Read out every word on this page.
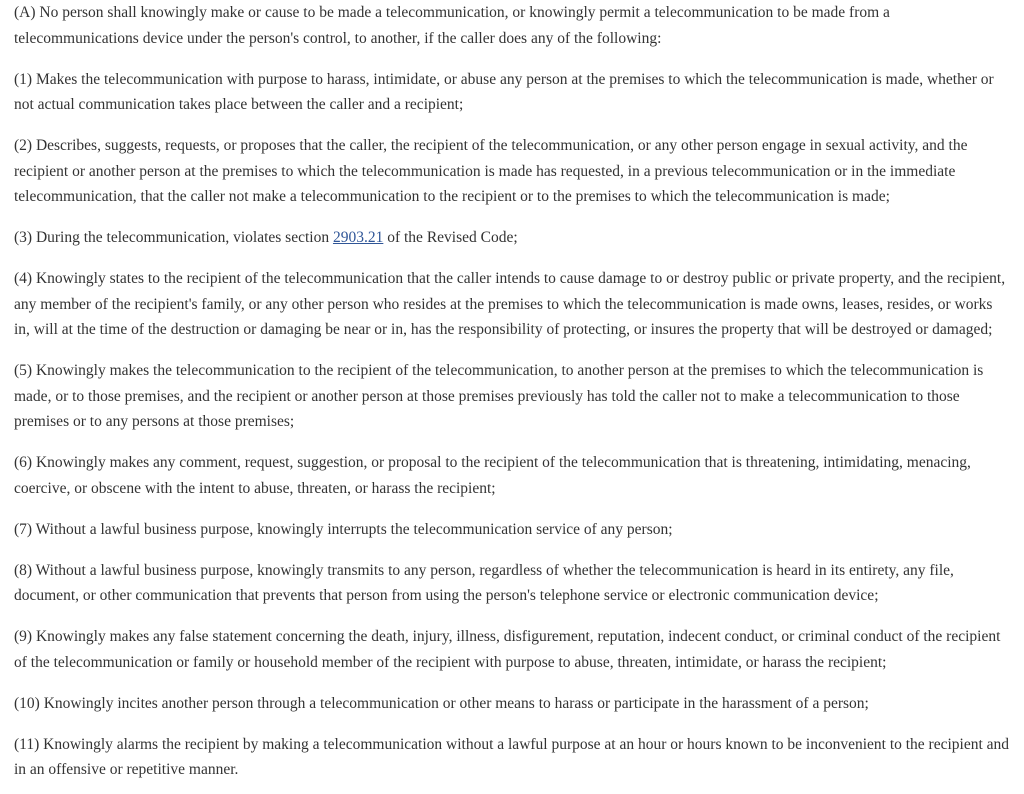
(A) No person shall knowingly make or cause to be made a telecommunication, or knowingly permit a telecommunication to be made from a telecommunications device under the person's control, to another, if the caller does any of the following:

(1) Makes the telecommunication with purpose to harass, intimidate, or abuse any person at the premises to which the telecommunication is made, whether or not actual communication takes place between the caller and a recipient;

(2) Describes, suggests, requests, or proposes that the caller, the recipient of the telecommunication, or any other person engage in sexual activity, and the recipient or another person at the premises to which the telecommunication is made has requested, in a previous telecommunication or in the immediate telecommunication, that the caller not make a telecommunication to the recipient or to the premises to which the telecommunication is made;

(3) During the telecommunication, violates section 2903.21 of the Revised Code;

(4) Knowingly states to the recipient of the telecommunication that the caller intends to cause damage to or destroy public or private property, and the recipient, any member of the recipient's family, or any other person who resides at the premises to which the telecommunication is made owns, leases, resides, or works in, will at the time of the destruction or damaging be near or in, has the responsibility of protecting, or insures the property that will be destroyed or damaged;

(5) Knowingly makes the telecommunication to the recipient of the telecommunication, to another person at the premises to which the telecommunication is made, or to those premises, and the recipient or another person at those premises previously has told the caller not to make a telecommunication to those premises or to any persons at those premises;

(6) Knowingly makes any comment, request, suggestion, or proposal to the recipient of the telecommunication that is threatening, intimidating, menacing, coercive, or obscene with the intent to abuse, threaten, or harass the recipient;

(7) Without a lawful business purpose, knowingly interrupts the telecommunication service of any person;

(8) Without a lawful business purpose, knowingly transmits to any person, regardless of whether the telecommunication is heard in its entirety, any file, document, or other communication that prevents that person from using the person's telephone service or electronic communication device;

(9) Knowingly makes any false statement concerning the death, injury, illness, disfigurement, reputation, indecent conduct, or criminal conduct of the recipient of the telecommunication or family or household member of the recipient with purpose to abuse, threaten, intimidate, or harass the recipient;

(10) Knowingly incites another person through a telecommunication or other means to harass or participate in the harassment of a person;

(11) Knowingly alarms the recipient by making a telecommunication without a lawful purpose at an hour or hours known to be inconvenient to the recipient and in an offensive or repetitive manner.
